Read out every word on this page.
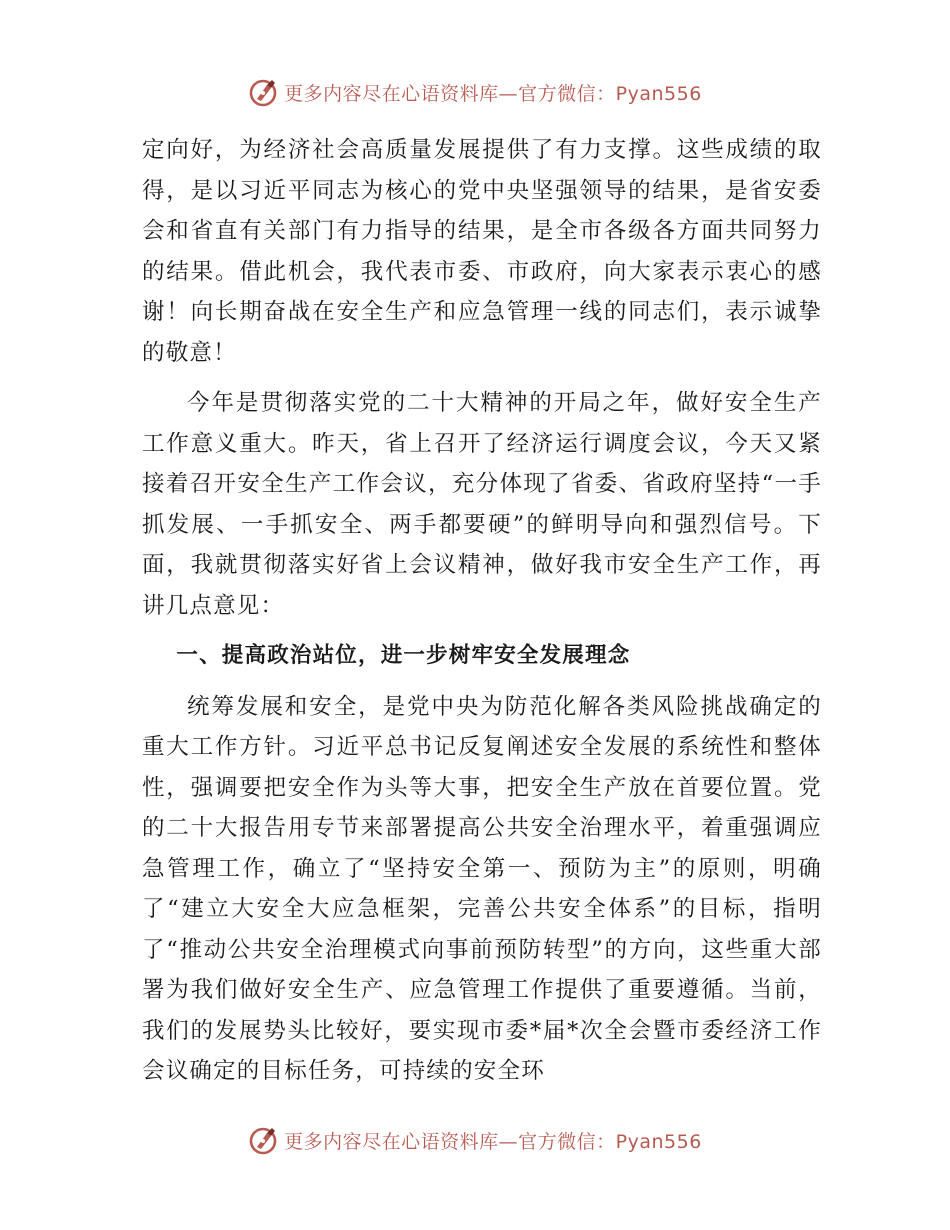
更多内容尽在心语资料库—官方微信：Pyan556

定向好，为经济社会高质量发展提供了有力支撑。这些成绩的取得，是以习近平同志为核心的党中央坚强领导的结果，是省安委会和省直有关部门有力指导的结果，是全市各级各方面共同努力的结果。借此机会，我代表市委、市政府，向大家表示衷心的感谢！向长期奋战在安全生产和应急管理一线的同志们，表示诚挚的敬意！

今年是贯彻落实党的二十大精神的开局之年，做好安全生产工作意义重大。昨天，省上召开了经济运行调度会议，今天又紧接着召开安全生产工作会议，充分体现了省委、省政府坚持“一手抓发展、一手抓安全、两手都要硬”的鲜明导向和强烈信号。下面，我就贯彻落实好省上会议精神，做好我市安全生产工作，再讲几点意见：

一、提高政治站位，进一步树牢安全发展理念

统筹发展和安全，是党中央为防范化解各类风险挑战确定的重大工作方针。习近平总书记反复阐述安全发展的系统性和整体性，强调要把安全作为头等大事，把安全生产放在首要位置。党的二十大报告用专节来部署提高公共安全治理水平，着重强调应急管理工作，确立了“坚持安全第一、预防为主”的原则，明确了“建立大安全大应急框架，完善公共安全体系”的目标，指明了“推动公共安全治理模式向事前预防转型”的方向，这些重大部署为我们做好安全生产、应急管理工作提供了重要遵循。当前，我们的发展势头比较好，要实现市委*届*次全会暨市委经济工作会议确定的目标任务，可持续的安全环

更多内容尽在心语资料库—官方微信：Pyan556
